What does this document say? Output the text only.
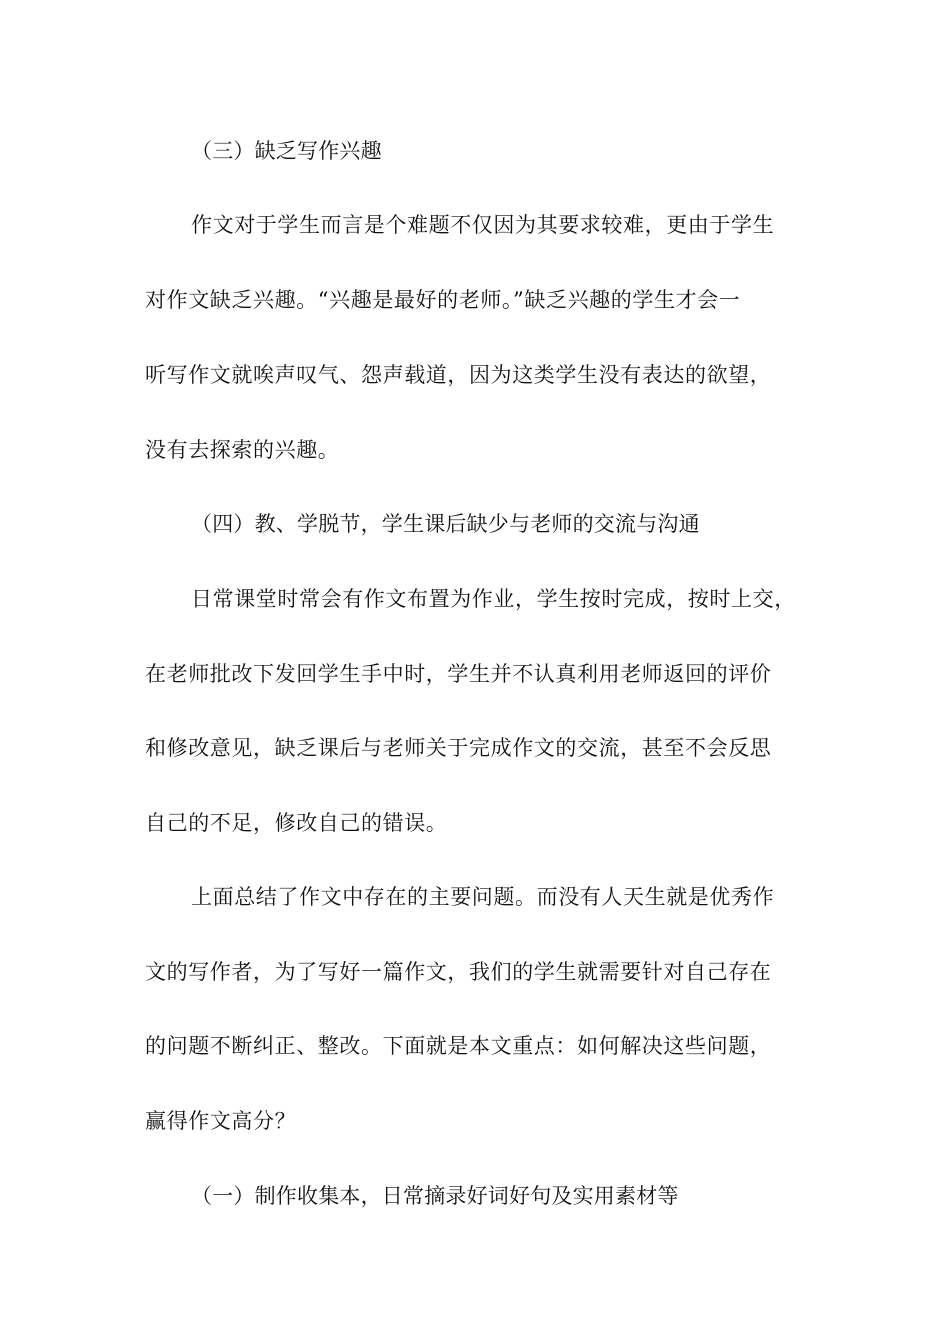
（三）缺乏写作兴趣
作文对于学生而言是个难题不仅因为其要求较难，更由于学生
对作文缺乏兴趣。“兴趣是最好的老师。”缺乏兴趣的学生才会一
听写作文就唉声叹气、怨声载道，因为这类学生没有表达的欲望，
没有去探索的兴趣。
（四）教、学脱节，学生课后缺少与老师的交流与沟通
日常课堂时常会有作文布置为作业，学生按时完成，按时上交，
在老师批改下发回学生手中时，学生并不认真利用老师返回的评价
和修改意见，缺乏课后与老师关于完成作文的交流，甚至不会反思
自己的不足，修改自己的错误。
上面总结了作文中存在的主要问题。而没有人天生就是优秀作
文的写作者，为了写好一篇作文，我们的学生就需要针对自己存在
的问题不断纠正、整改。下面就是本文重点：如何解决这些问题，
赢得作文高分？
（一）制作收集本，日常摘录好词好句及实用素材等
